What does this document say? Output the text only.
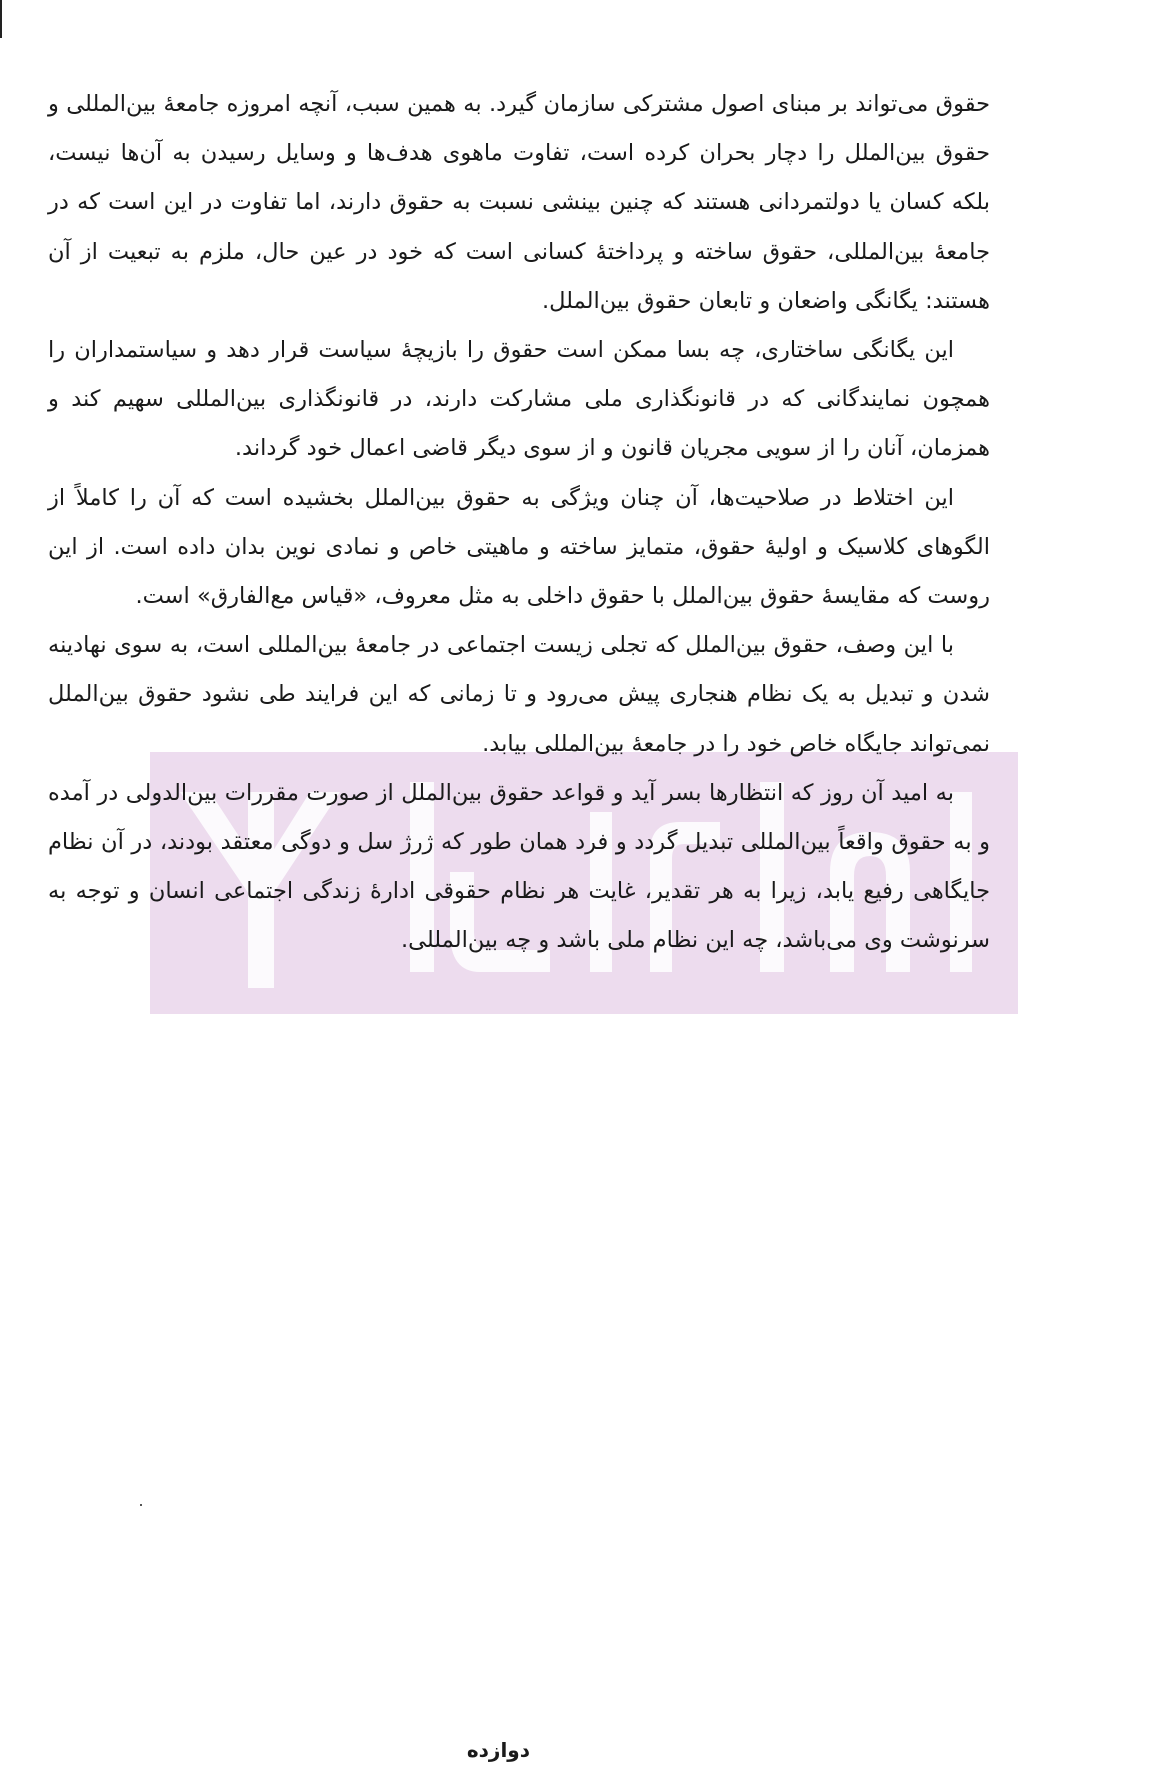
حقوق می‌تواند بر مبنای اصول مشترکی سازمان گیرد. به همین سبب، آنچه امروزه جامعهٔ بین‌المللی و حقوق بین‌الملل را دچار بحران کرده است، تفاوت ماهوی هدف‌ها و وسایل رسیدن به آن‌ها نیست، بلکه کسان یا دولتمردانی هستند که چنین بینشی نسبت به حقوق دارند، اما تفاوت در این است که در جامعهٔ بین‌المللی، حقوق ساخته و پرداختهٔ کسانی است که خود در عین حال، ملزم به تبعیت از آن هستند: یگانگی واضعان و تابعان حقوق بین‌الملل.

این یگانگی ساختاری، چه بسا ممکن است حقوق را بازیچهٔ سیاست قرار دهد و سیاستمداران را همچون نمایندگانی که در قانونگذاری ملی مشارکت دارند، در قانونگذاری بین‌المللی سهیم کند و همزمان، آنان را از سویی مجریان قانون و از سوی دیگر قاضی اعمال خود گرداند.

این اختلاط در صلاحیت‌ها، آن چنان ویژگی به حقوق بین‌الملل بخشیده است که آن را کاملاً از الگوهای کلاسیک و اولیهٔ حقوق، متمایز ساخته و ماهیتی خاص و نمادی نوین بدان داده است. از این روست که مقایسهٔ حقوق بین‌الملل با حقوق داخلی به مثل معروف، «قیاس مع‌الفارق» است.

با این وصف، حقوق بین‌الملل که تجلی زیست اجتماعی در جامعهٔ بین‌المللی است، به سوی نهادینه شدن و تبدیل به یک نظام هنجاری پیش می‌رود و تا زمانی که این فرایند طی نشود حقوق بین‌الملل نمی‌تواند جایگاه خاص خود را در جامعهٔ بین‌المللی بیابد.

به امید آن روز که انتظارها بسر آید و قواعد حقوق بین‌الملل از صورت مقررات بین‌الدولی در آمده و به حقوق واقعاً بین‌المللی تبدیل گردد و فرد همان طور که ژرژ سل و دوگی معتقد بودند، در آن نظام جایگاهی رفیع یابد، زیرا به هر تقدیر، غایت هر نظام حقوقی ادارهٔ زندگی اجتماعی انسان و توجه به سرنوشت وی می‌باشد، چه این نظام ملی باشد و چه بین‌المللی.

دوازده
